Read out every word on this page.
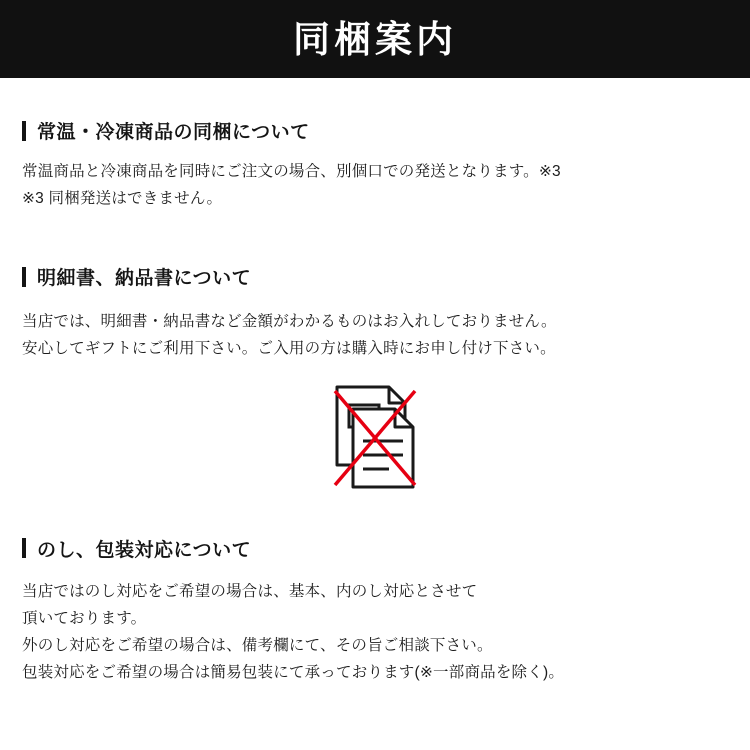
同梱案内
常温・冷凍商品の同梱について
常温商品と冷凍商品を同時にご注文の場合、別個口での発送となります。※3
※3 同梱発送はできません。
明細書、納品書について
当店では、明細書・納品書など金額がわかるものはお入れしておりません。
安心してギフトにご利用下さい。ご入用の方は購入時にお申し付け下さい。
のし、包装対応について
当店ではのし対応をご希望の場合は、基本、内のし対応とさせて
頂いております。
外のし対応をご希望の場合は、備考欄にて、その旨ご相談下さい。
包装対応をご希望の場合は簡易包装にて承っております(※一部商品を除く)。
